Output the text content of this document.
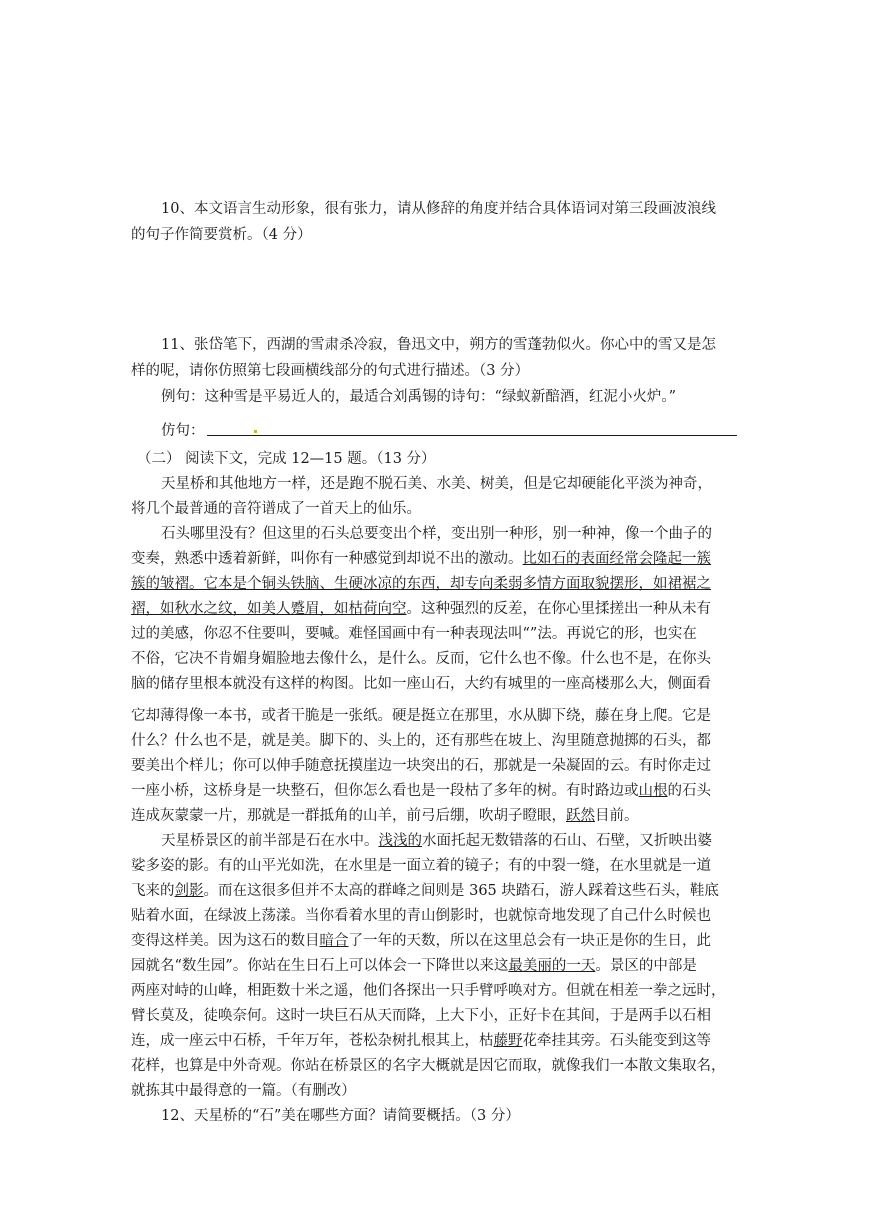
10、本文语言生动形象，很有张力，请从修辞的角度并结合具体语词对第三段画波浪线
的句子作简要赏析。（4 分）
11、张岱笔下，西湖的雪肃杀冷寂，鲁迅文中，朔方的雪蓬勃似火。你心中的雪又是怎
样的呢，请你仿照第七段画横线部分的句式进行描述。（3 分）
例句：这种雪是平易近人的，最适合刘禹锡的诗句：“绿蚁新醅酒，红泥小火炉。”
仿句：
（二） 阅读下文，完成 12—15 题。（13 分）
天星桥和其他地方一样，还是跑不脱石美、水美、树美，但是它却硬能化平淡为神奇，
将几个最普通的音符谱成了一首天上的仙乐。
石头哪里没有？但这里的石头总要变出个样，变出别一种形，别一种神，像一个曲子的
变奏，熟悉中透着新鲜，叫你有一种感觉到却说不出的激动。比如石的表面经常会隆起一簇
簇的皱褶。它本是个铜头铁脑、生硬冰凉的东西，却专向柔弱多情方面取貌摆形，如裙裾之
褶，如秋水之纹，如美人蹙眉，如枯荷向空。这种强烈的反差，在你心里揉搓出一种从未有
过的美感，你忍不住要叫，要喊。难怪国画中有一种表现法叫“”法。再说它的形，也实在
不俗，它决不肯媚身媚脸地去像什么，是什么。反而，它什么也不像。什么也不是，在你头
脑的储存里根本就没有这样的构图。比如一座山石，大约有城里的一座高楼那么大，侧面看
它却薄得像一本书，或者干脆是一张纸。硬是挺立在那里，水从脚下绕，藤在身上爬。它是
什么？什么也不是，就是美。脚下的、头上的，还有那些在坡上、沟里随意抛掷的石头，都
要美出个样儿；你可以伸手随意抚摸崖边一块突出的石，那就是一朵凝固的云。有时你走过
一座小桥，这桥身是一块整石，但你怎么看也是一段枯了多年的树。有时路边或山根的石头
连成灰蒙蒙一片，那就是一群抵角的山羊，前弓后绷，吹胡子瞪眼，跃然目前。
天星桥景区的前半部是石在水中。浅浅的水面托起无数错落的石山、石壁，又折映出婆
娑多姿的影。有的山平光如洗，在水里是一面立着的镜子；有的中裂一缝，在水里就是一道
飞来的剑影。而在这很多但并不太高的群峰之间则是 365 块踏石，游人踩着这些石头，鞋底
贴着水面，在绿波上荡漾。当你看着水里的青山倒影时，也就惊奇地发现了自己什么时候也
变得这样美。因为这石的数目暗合了一年的天数，所以在这里总会有一块正是你的生日，此
园就名“数生园”。你站在生日石上可以体会一下降世以来这最美丽的一天。景区的中部是
两座对峙的山峰，相距数十米之遥，他们各探出一只手臂呼唤对方。但就在相差一拳之远时，
臂长莫及，徒唤奈何。这时一块巨石从天而降，上大下小，正好卡在其间，于是两手以石相
连，成一座云中石桥，千年万年，苍松杂树扎根其上，枯藤野花牵挂其旁。石头能变到这等
花样，也算是中外奇观。你站在桥景区的名字大概就是因它而取，就像我们一本散文集取名，
就拣其中最得意的一篇。（有删改）
12、天星桥的“石”美在哪些方面？请简要概括。（3 分）
